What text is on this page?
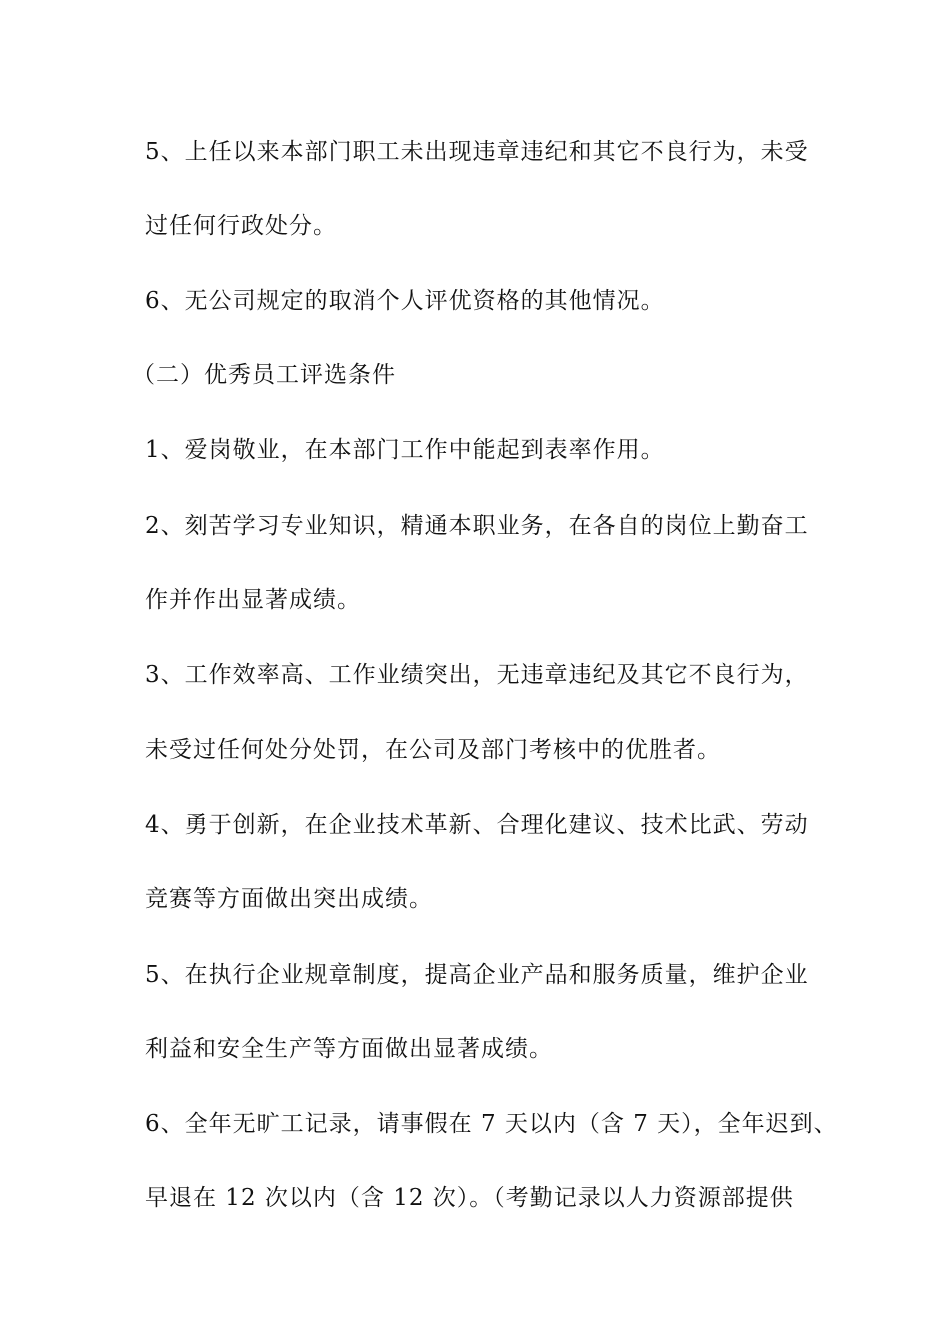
5、上任以来本部门职工未出现违章违纪和其它不良行为，未受
过任何行政处分。
6、无公司规定的取消个人评优资格的其他情况。
（二）优秀员工评选条件
1、爱岗敬业，在本部门工作中能起到表率作用。
2、刻苦学习专业知识，精通本职业务，在各自的岗位上勤奋工
作并作出显著成绩。
3、工作效率高、工作业绩突出，无违章违纪及其它不良行为，
未受过任何处分处罚，在公司及部门考核中的优胜者。
4、勇于创新，在企业技术革新、合理化建议、技术比武、劳动
竞赛等方面做出突出成绩。
5、在执行企业规章制度，提高企业产品和服务质量，维护企业
利益和安全生产等方面做出显著成绩。
6、全年无旷工记录，请事假在 7 天以内（含 7 天），全年迟到、
早退在 12 次以内（含 12 次）。（考勤记录以人力资源部提供
